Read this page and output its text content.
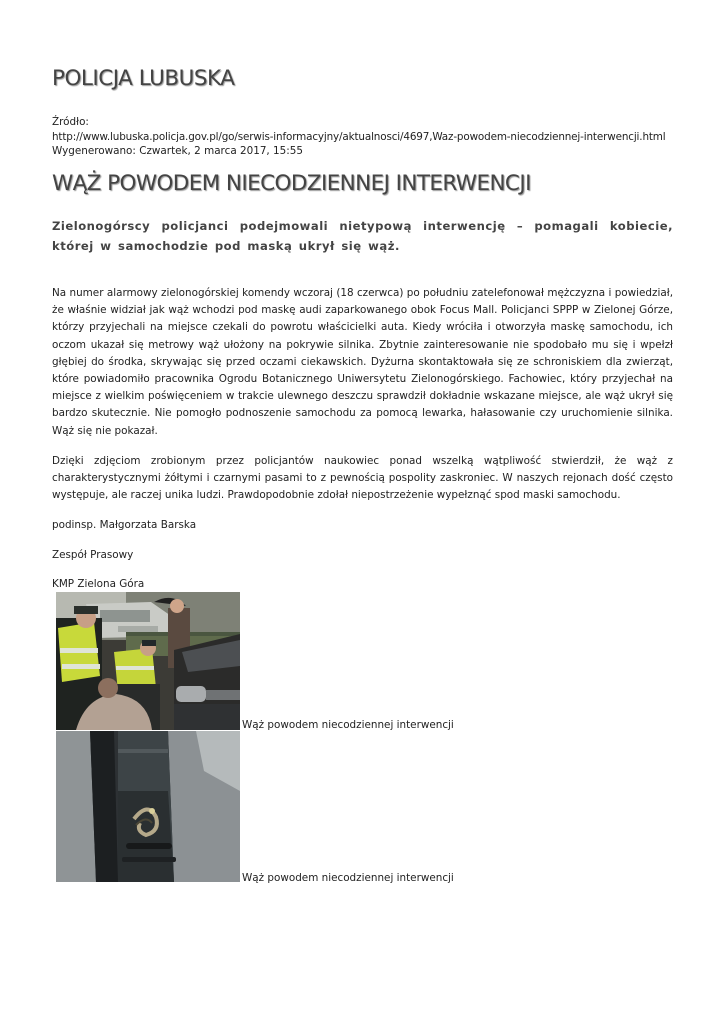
POLICJA LUBUSKA
Źródło:
http://www.lubuska.policja.gov.pl/go/serwis-informacyjny/aktualnosci/4697,Waz-powodem-niecodziennej-interwencji.html
Wygenerowano: Czwartek, 2 marca 2017, 15:55
WĄŻ POWODEM NIECODZIENNEJ INTERWENCJI

Zielonogórscy policjanci podejmowali nietypową interwencję – pomagali kobiecie, której w samochodzie pod maską ukrył się wąż.

Na numer alarmowy zielonogórskiej komendy wczoraj (18 czerwca) po południu zatelefonował mężczyzna i powiedział, że właśnie widział jak wąż wchodzi pod maskę audi zaparkowanego obok Focus Mall. Policjanci SPPP w Zielonej Górze, którzy przyjechali na miejsce czekali do powrotu właścicielki auta. Kiedy wróciła i otworzyła maskę samochodu, ich oczom ukazał się metrowy wąż ułożony na pokrywie silnika. Zbytnie zainteresowanie nie spodobało mu się i wpełzł głębiej do środka, skrywając się przed oczami ciekawskich. Dyżurna skontaktowała się ze schroniskiem dla zwierząt, które powiadomiło pracownika Ogrodu Botanicznego Uniwersytetu Zielonogórskiego. Fachowiec, który przyjechał na miejsce z wielkim poświęceniem w trakcie ulewnego deszczu sprawdził dokładnie wskazane miejsce, ale wąż ukrył się bardzo skutecznie. Nie pomogło podnoszenie samochodu za pomocą lewarka, hałasowanie czy uruchomienie silnika. Wąż się nie pokazał.

Dzięki zdjęciom zrobionym przez policjantów naukowiec ponad wszelką wątpliwość stwierdził, że wąż z charakterystycznymi żółtymi i czarnymi pasami to z pewnością pospolity zaskroniec. W naszych rejonach dość często występuje, ale raczej unika ludzi. Prawdopodobnie zdołał niepostrzeżenie wypełznąć spod maski samochodu.

podinsp. Małgorzata Barska

Zespół Prasowy

KMP Zielona Góra

Wąż powodem niecodziennej interwencji
Wąż powodem niecodziennej interwencji
